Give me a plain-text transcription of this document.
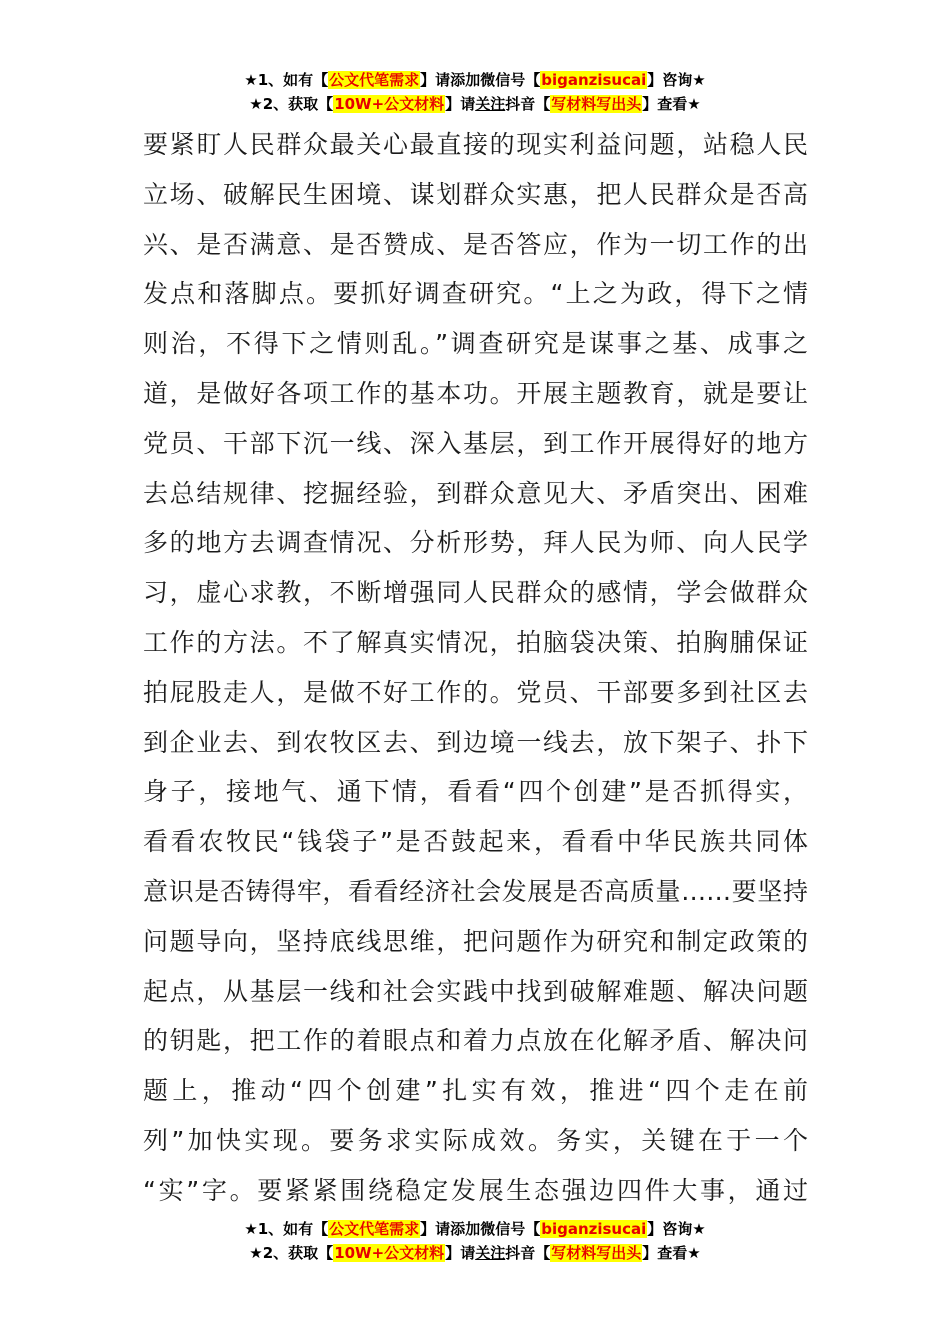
★1、如有【公文代笔需求】请添加微信号【biganzisucai】咨询★
★2、获取【10W+公文材料】请关注抖音【写材料写出头】查看★
要紧盯人民群众最关心最直接的现实利益问题，站稳人民
立场、破解民生困境、谋划群众实惠，把人民群众是否高
兴、是否满意、是否赞成、是否答应，作为一切工作的出
发点和落脚点。要抓好调查研究。“上之为政，得下之情
则治，不得下之情则乱。”调查研究是谋事之基、成事之
道，是做好各项工作的基本功。开展主题教育，就是要让
党员、干部下沉一线、深入基层，到工作开展得好的地方
去总结规律、挖掘经验，到群众意见大、矛盾突出、困难
多的地方去调查情况、分析形势，拜人民为师、向人民学
习，虚心求教，不断增强同人民群众的感情，学会做群众
工作的方法。不了解真实情况，拍脑袋决策、拍胸脯保证
拍屁股走人，是做不好工作的。党员、干部要多到社区去
到企业去、到农牧区去、到边境一线去，放下架子、扑下
身子，接地气、通下情，看看“四个创建”是否抓得实，
看看农牧民“钱袋子”是否鼓起来，看看中华民族共同体
意识是否铸得牢，看看经济社会发展是否高质量……要坚持
问题导向，坚持底线思维，把问题作为研究和制定政策的
起点，从基层一线和社会实践中找到破解难题、解决问题
的钥匙，把工作的着眼点和着力点放在化解矛盾、解决问
题上，推动“四个创建”扎实有效，推进“四个走在前
列”加快实现。要务求实际成效。务实，关键在于一个
“实”字。要紧紧围绕稳定发展生态强边四件大事，通过
★1、如有【公文代笔需求】请添加微信号【biganzisucai】咨询★
★2、获取【10W+公文材料】请关注抖音【写材料写出头】查看★
